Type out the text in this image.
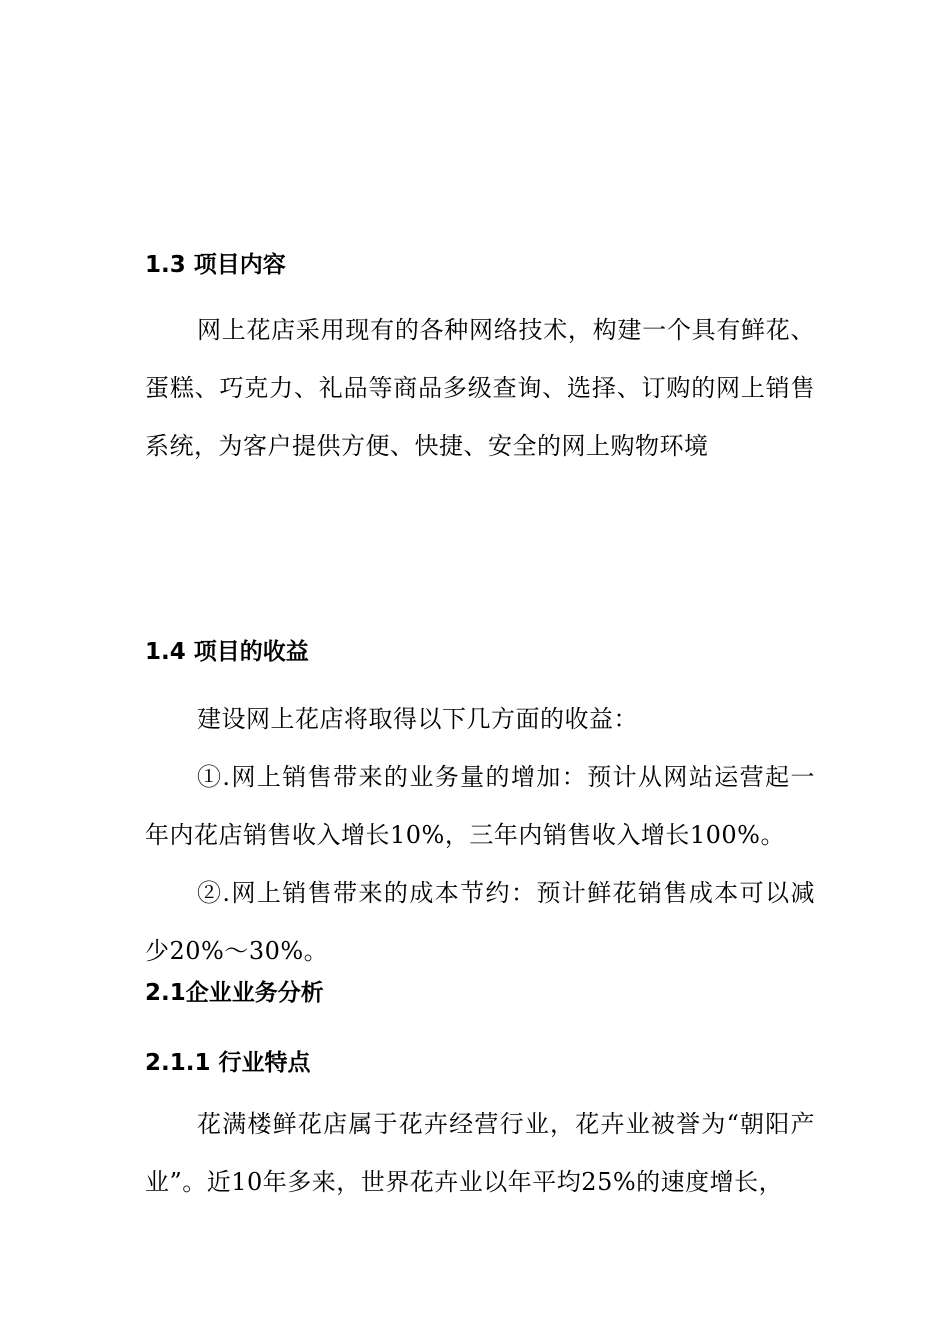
1.3 项目内容

网上花店采用现有的各种网络技术，构建一个具有鲜花、蛋糕、巧克力、礼品等商品多级查询、选择、订购的网上销售系统，为客户提供方便、快捷、安全的网上购物环境

1.4 项目的收益

建设网上花店将取得以下几方面的收益：

①.网上销售带来的业务量的增加：预计从网站运营起一年内花店销售收入增长10%，三年内销售收入增长100%。

②.网上销售带来的成本节约：预计鲜花销售成本可以减少20%～30%。

2.1企业业务分析
2.1.1 行业特点

花满楼鲜花店属于花卉经营行业，花卉业被誉为“朝阳产业”。近10年多来，世界花卉业以年平均25%的速度增长，
